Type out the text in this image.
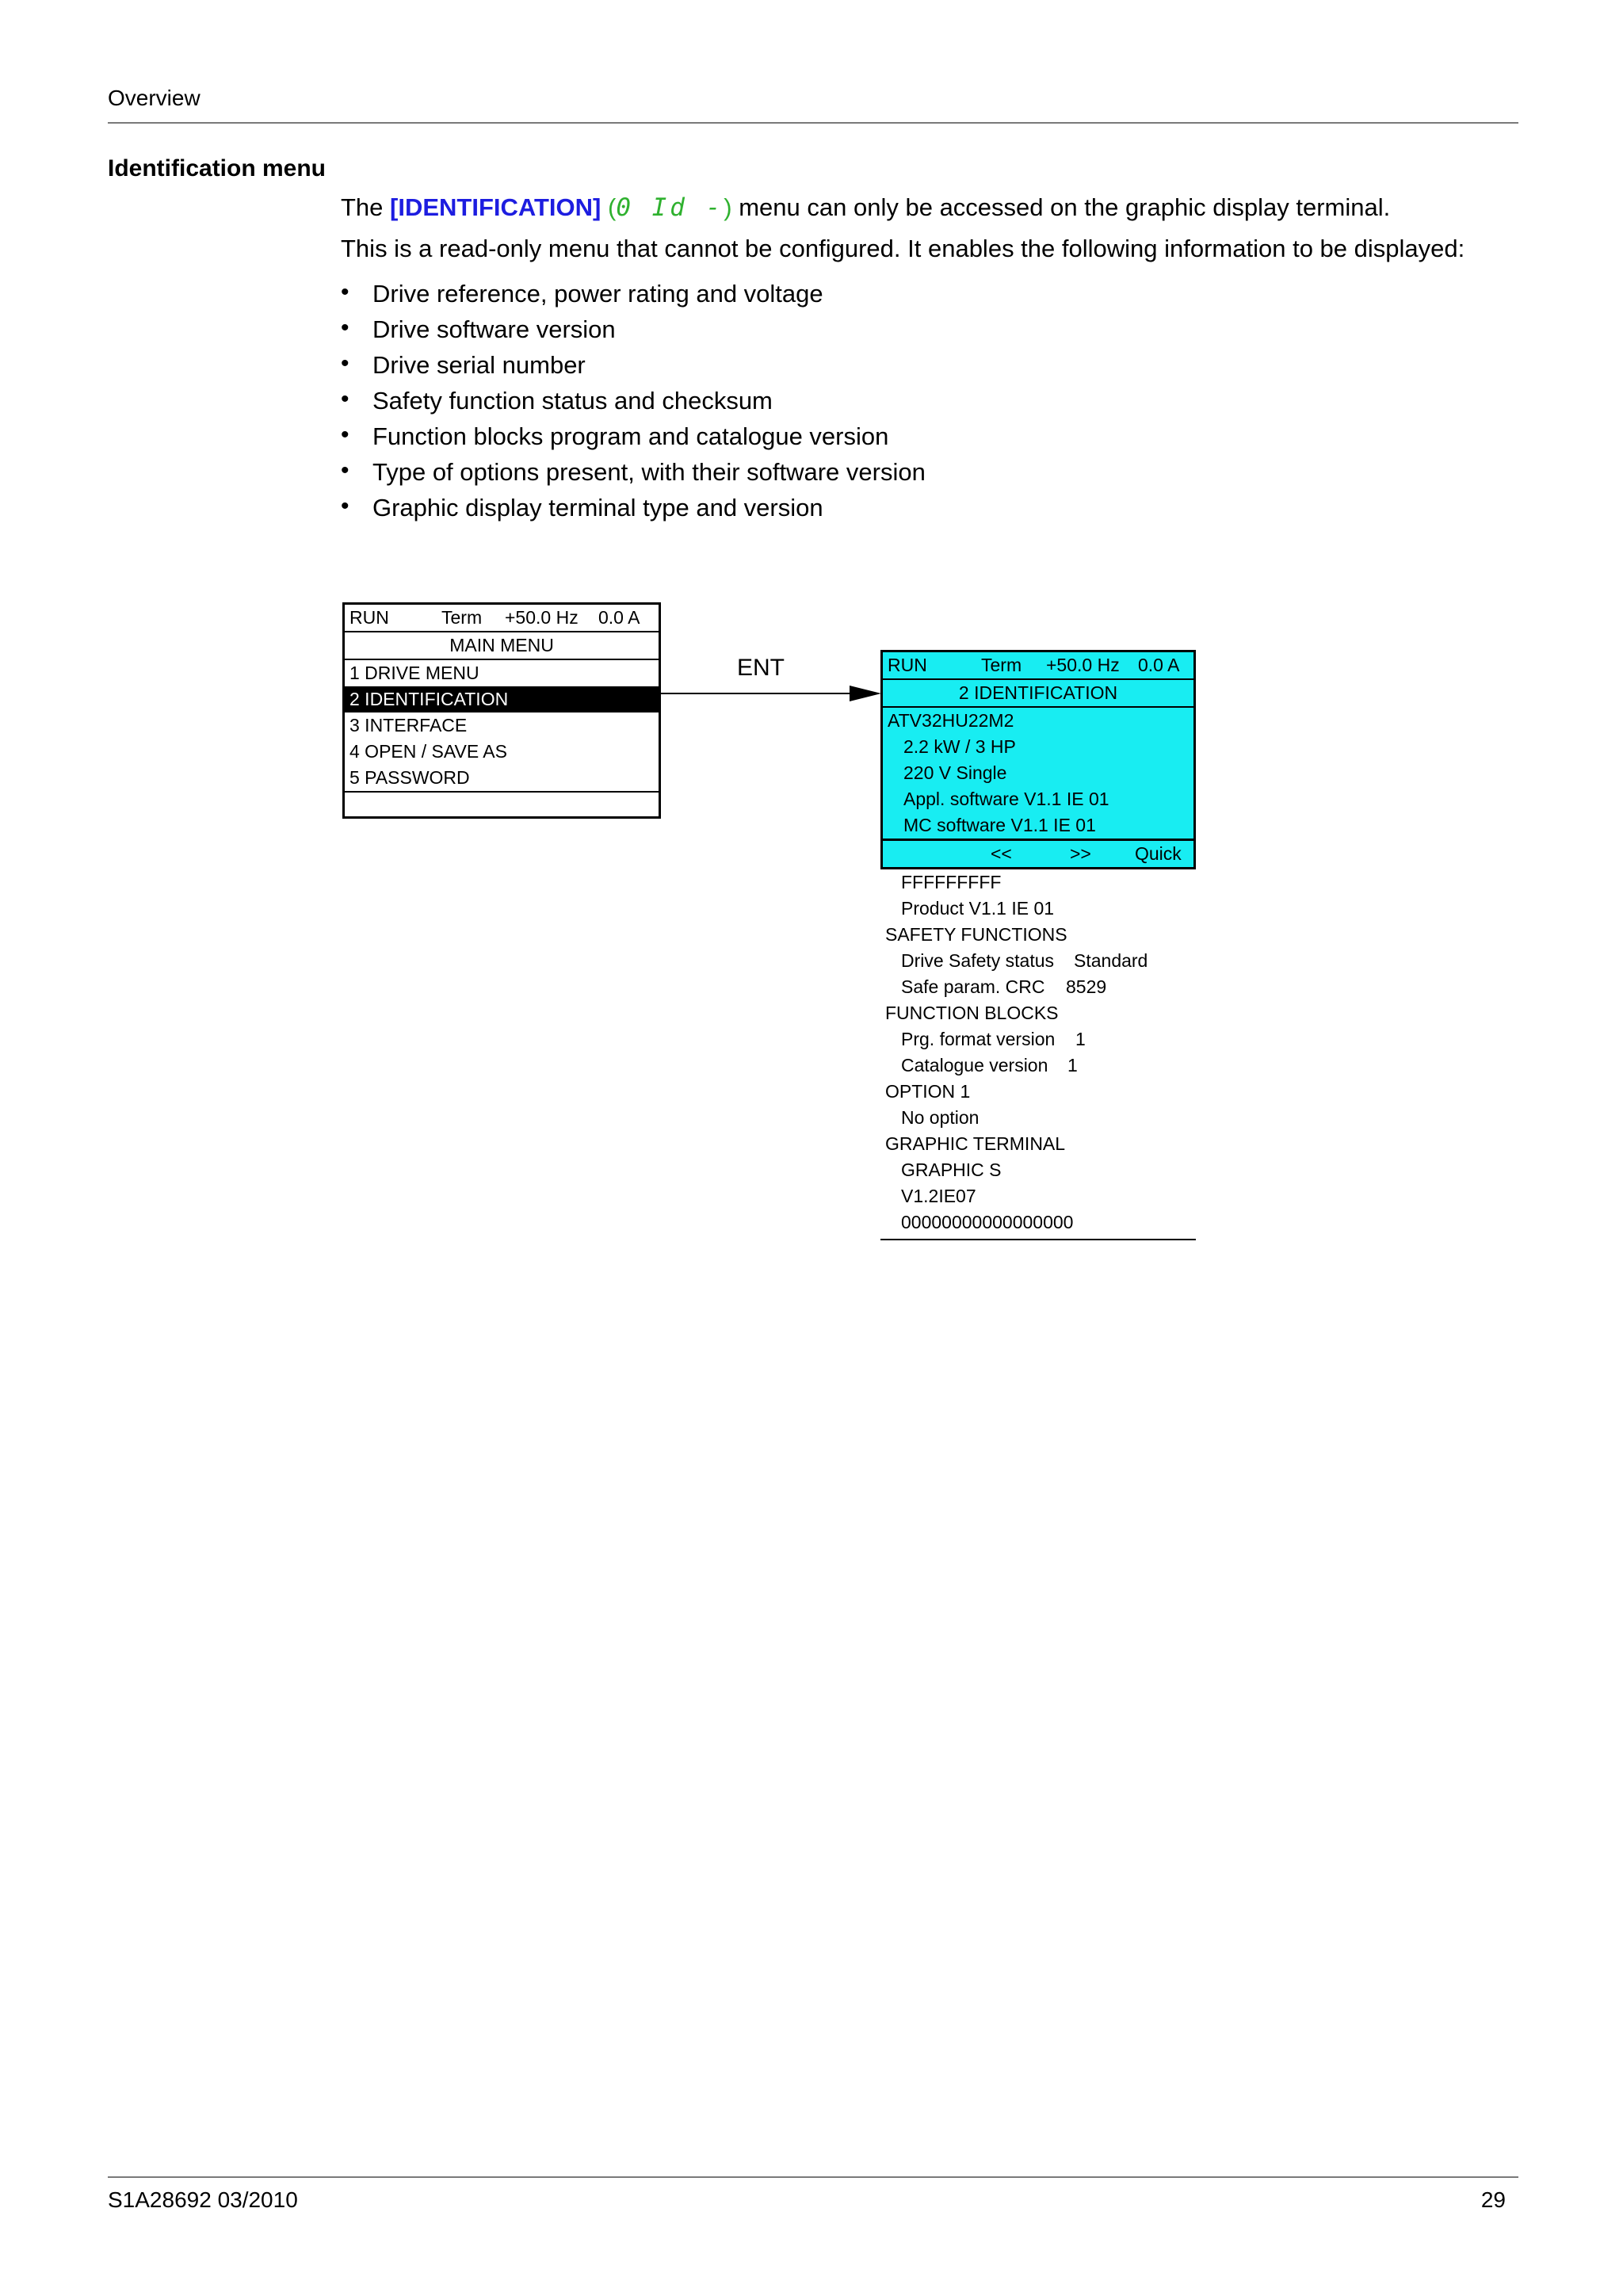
Overview
Identification menu
The [IDENTIFICATION] (0 Id -) menu can only be accessed on the graphic display terminal.
This is a read-only menu that cannot be configured. It enables the following information to be displayed:
• Drive reference, power rating and voltage
• Drive software version
• Drive serial number
• Safety function status and checksum
• Function blocks program and catalogue version
• Type of options present, with their software version
• Graphic display terminal type and version
RUN	Term +50.0 Hz 0.0 A
MAIN MENU
1 DRIVE MENU
2 IDENTIFICATION
3 INTERFACE
4 OPEN / SAVE AS
5 PASSWORD
ENT	RUN	Term +50.0 Hz 0.0 A
2 IDENTIFICATION
ATV32HU22M2
2.2 kW / 3 HP
220 V Single
Appl. software V1.1 IE 01
MC software V1.1 IE 01
<<	>> Quick
FFFFFFFFF
Product V1.1 IE 01
SAFETY FUNCTIONS
Drive Safety status Standard
Safe param. CRC 8529
FUNCTION BLOCKS
Prg. format version 1
Catalogue version 1
OPTION 1
No option
GRAPHIC TERMINAL
GRAPHIC S
V1.2IE07
00000000000000000
S1A28692 03/2010	29
